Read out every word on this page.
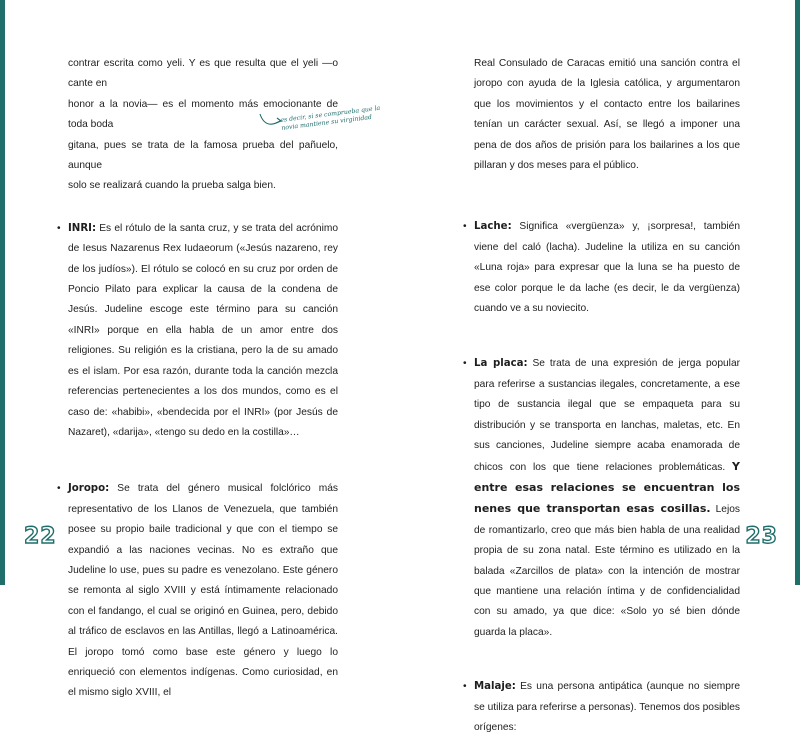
contrar escrita como yeli. Y es que resulta que el yeli —o cante en

honor a la novia— es el momento más emocionante de toda boda

gitana, pues se trata de la famosa prueba del pañuelo, aunque

solo se realizará cuando la prueba salga bien.

• INRI: Es el rótulo de la santa cruz, y se trata del acrónimo de Iesus Nazarenus Rex Iudaeorum («Jesús nazareno, rey de los judíos»). El rótulo se colocó en su cruz por orden de Poncio Pilato para explicar la causa de la condena de Jesús. Judeline escoge este término para su canción «INRI» porque en ella habla de un amor entre dos religiones. Su religión es la cristiana, pero la de su amado es el islam. Por esa razón, durante toda la canción mezcla referencias pertenecientes a los dos mundos, como es el caso de: «habibi», «bendecida por el INRI» (por Jesús de Nazaret), «darija», «tengo su dedo en la costilla»…

• Joropo: Se trata del género musical folclórico más representativo de los Llanos de Venezuela, que también posee su propio baile tradicional y que con el tiempo se expandió a las naciones vecinas. No es extraño que Judeline lo use, pues su padre es venezolano. Este género se remonta al siglo XVIII y está íntimamente relacionado con el fandango, el cual se originó en Guinea, pero, debido al tráfico de esclavos en las Antillas, llegó a Latinoamérica. El joropo tomó como base este género y luego lo enriqueció con elementos indígenas. Como curiosidad, en el mismo siglo XVIII, el

es decir, si se comprueba que la novia mantiene su virginidad

Real Consulado de Caracas emitió una sanción contra el joropo con ayuda de la Iglesia católica, y argumentaron que los movimientos y el contacto entre los bailarines tenían un carácter sexual. Así, se llegó a imponer una pena de dos años de prisión para los bailarines a los que pillaran y dos meses para el público.

• Lache: Significa «vergüenza» y, ¡sorpresa!, también viene del caló (lacha). Judeline la utiliza en su canción «Luna roja» para expresar que la luna se ha puesto de ese color porque le da lache (es decir, le da vergüenza) cuando ve a su noviecito.

• La placa: Se trata de una expresión de jerga popular para referirse a sustancias ilegales, concretamente, a ese tipo de sustancia ilegal que se empaqueta para su distribución y se transporta en lanchas, maletas, etc. En sus canciones, Judeline siempre acaba enamorada de chicos con los que tiene relaciones problemáticas. Y entre esas relaciones se encuentran los nenes que transportan esas cosillas. Lejos de romantizarlo, creo que más bien habla de una realidad propia de su zona natal. Este término es utilizado en la balada «Zarcillos de plata» con la intención de mostrar que mantiene una relación íntima y de confidencialidad con su amado, ya que dice: «Solo yo sé bien dónde guarda la placa».

• Malaje: Es una persona antipática (aunque no siempre se utiliza para referirse a personas). Tenemos dos posibles orígenes:

22	23
